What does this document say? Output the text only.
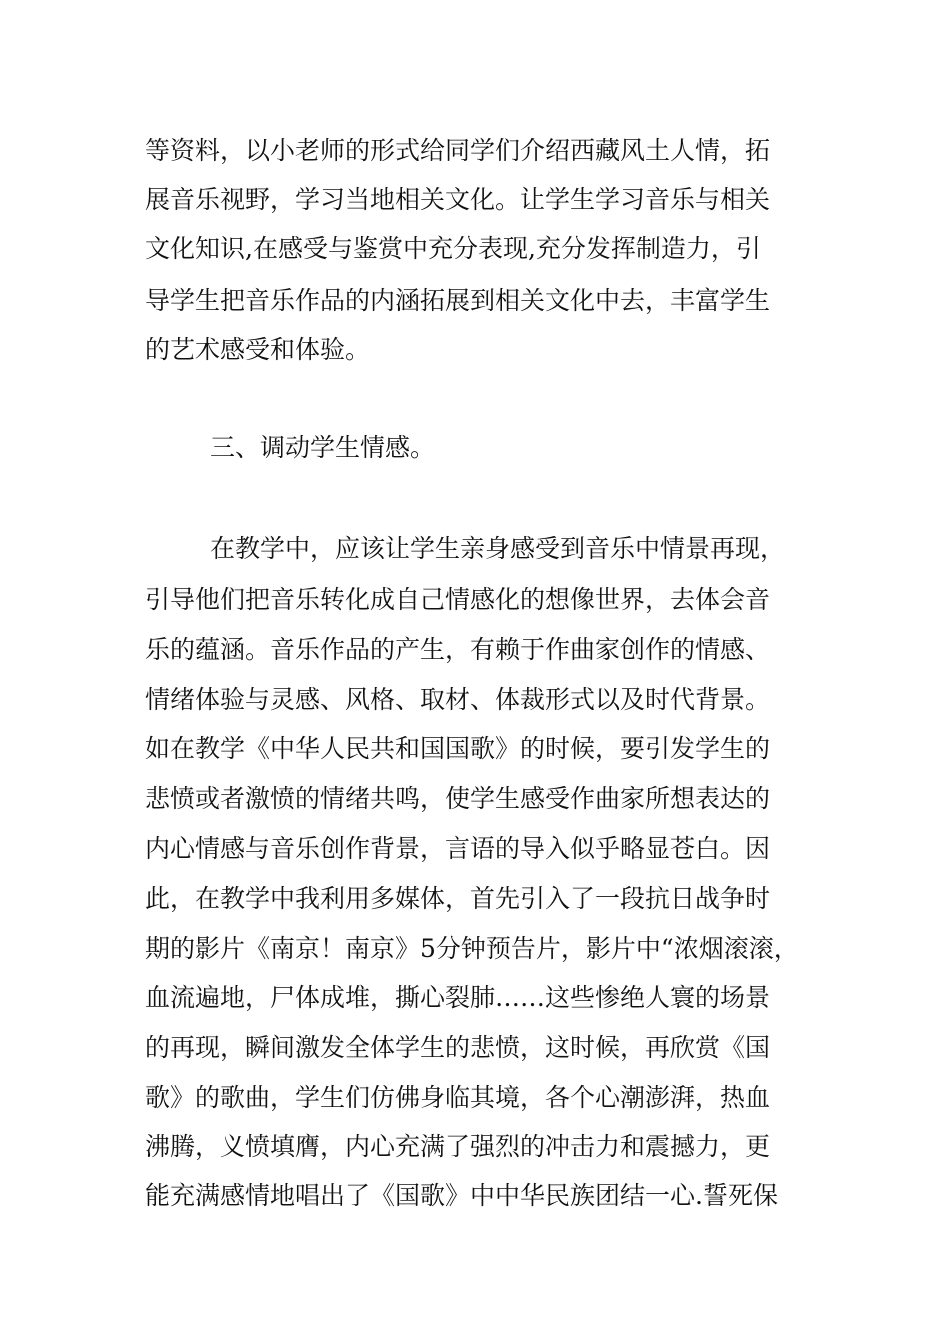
等资料，以小老师的形式给同学们介绍西藏风土人情，拓
展音乐视野，学习当地相关文化。让学生学习音乐与相关
文化知识,在感受与鉴赏中充分表现,充分发挥制造力，引
导学生把音乐作品的内涵拓展到相关文化中去，丰富学生
的艺术感受和体验。
三、调动学生情感。
在教学中，应该让学生亲身感受到音乐中情景再现，
引导他们把音乐转化成自己情感化的想像世界，去体会音
乐的蕴涵。音乐作品的产生，有赖于作曲家创作的情感、
情绪体验与灵感、风格、取材、体裁形式以及时代背景。
如在教学《中华人民共和国国歌》的时候，要引发学生的
悲愤或者激愤的情绪共鸣，使学生感受作曲家所想表达的
内心情感与音乐创作背景，言语的导入似乎略显苍白。因
此，在教学中我利用多媒体，首先引入了一段抗日战争时
期的影片《南京！南京》5分钟预告片，影片中“浓烟滚滚，
血流遍地，尸体成堆，撕心裂肺……这些惨绝人寰的场景
的再现，瞬间激发全体学生的悲愤，这时候，再欣赏《国
歌》的歌曲，学生们仿佛身临其境，各个心潮澎湃，热血
沸腾，义愤填膺，内心充满了强烈的冲击力和震撼力，更
能充满感情地唱出了《国歌》中中华民族团结一心.誓死保
